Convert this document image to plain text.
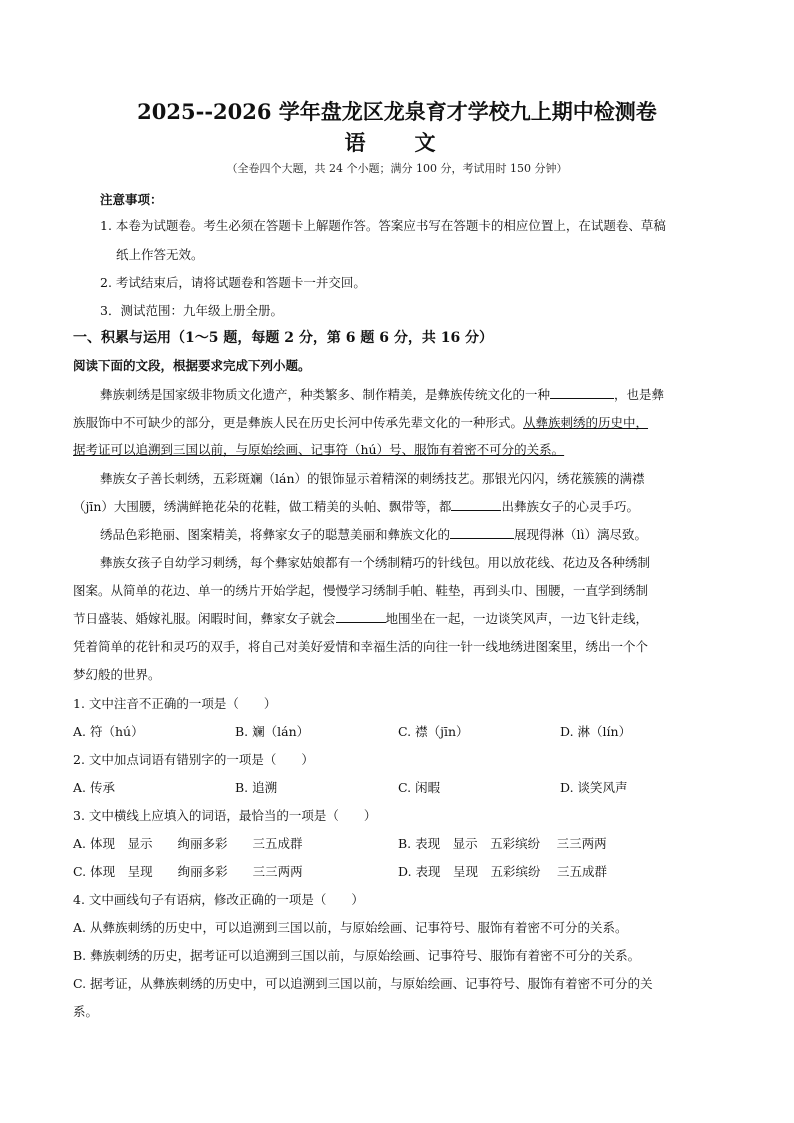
2025--2026 学年盘龙区龙泉育才学校九上期中检测卷
语　文
（全卷四个大题，共 24 个小题；满分 100 分，考试用时 150 分钟）
注意事项：
1. 本卷为试题卷。考生必须在答题卡上解题作答。答案应书写在答题卡的相应位置上，在试题卷、草稿
纸上作答无效。
2. 考试结束后，请将试题卷和答题卡一并交回。
3．测试范围：九年级上册全册。
一、积累与运用（1～5 题，每题 2 分，第 6 题 6 分，共 16 分）
阅读下面的文段，根据要求完成下列小题。
彝族刺绣是国家级非物质文化遗产，种类繁多、制作精美，是彝族传统文化的一种	，也是彝
族服饰中不可缺少的部分，更是彝族人民在历史长河中传承先辈文化的一种形式。从彝族刺绣的历史中，
据考证可以追溯到三国以前，与原始绘画、记事符（hú）号、服饰有着密不可分的关系。
彝族女子善长刺绣，五彩斑斓（lán）的银饰显示着精深的刺绣技艺。那银光闪闪，绣花簇簇的满襟
（jīn）大围腰，绣满鲜艳花朵的花鞋，做工精美的头帕、飘带等，都	出彝族女子的心灵手巧。
绣品色彩艳丽、图案精美，将彝家女子的聪慧美丽和彝族文化的	展现得淋（lì）漓尽致。
彝族女孩子自幼学习刺绣，每个彝家姑娘都有一个绣制精巧的针线包。用以放花线、花边及各种绣制
图案。从简单的花边、单一的绣片开始学起，慢慢学习绣制手帕、鞋垫，再到头巾、围腰，一直学到绣制
节日盛装、婚嫁礼服。闲暇时间，彝家女子就会	地围坐在一起，一边谈笑风声，一边飞针走线，
凭着简单的花针和灵巧的双手，将自己对美好爱情和幸福生活的向往一针一线地绣进图案里，绣出一个个
梦幻般的世界。
1. 文中注音不正确的一项是（　　）
A. 符（hú）	B. 斓（lán）	C. 襟（jīn）	D. 淋（lín）
2. 文中加点词语有错别字的一项是（　　）
A. 传承	B. 追溯	C. 闲暇	D. 谈笑风声
3. 文中横线上应填入的词语，最恰当的一项是（　　）
A. 体现　显示　　绚丽多彩　　三五成群	B. 表现　显示　五彩缤纷　 三三两两
C. 体现　呈现　　绚丽多彩　　三三两两	D. 表现　呈现　五彩缤纷　 三五成群
4. 文中画线句子有语病，修改正确的一项是（　　）
A. 从彝族刺绣的历史中，可以追溯到三国以前，与原始绘画、记事符号、服饰有着密不可分的关系。
B. 彝族刺绣的历史，据考证可以追溯到三国以前，与原始绘画、记事符号、服饰有着密不可分的关系。
C. 据考证，从彝族刺绣的历史中，可以追溯到三国以前，与原始绘画、记事符号、服饰有着密不可分的关
系。
